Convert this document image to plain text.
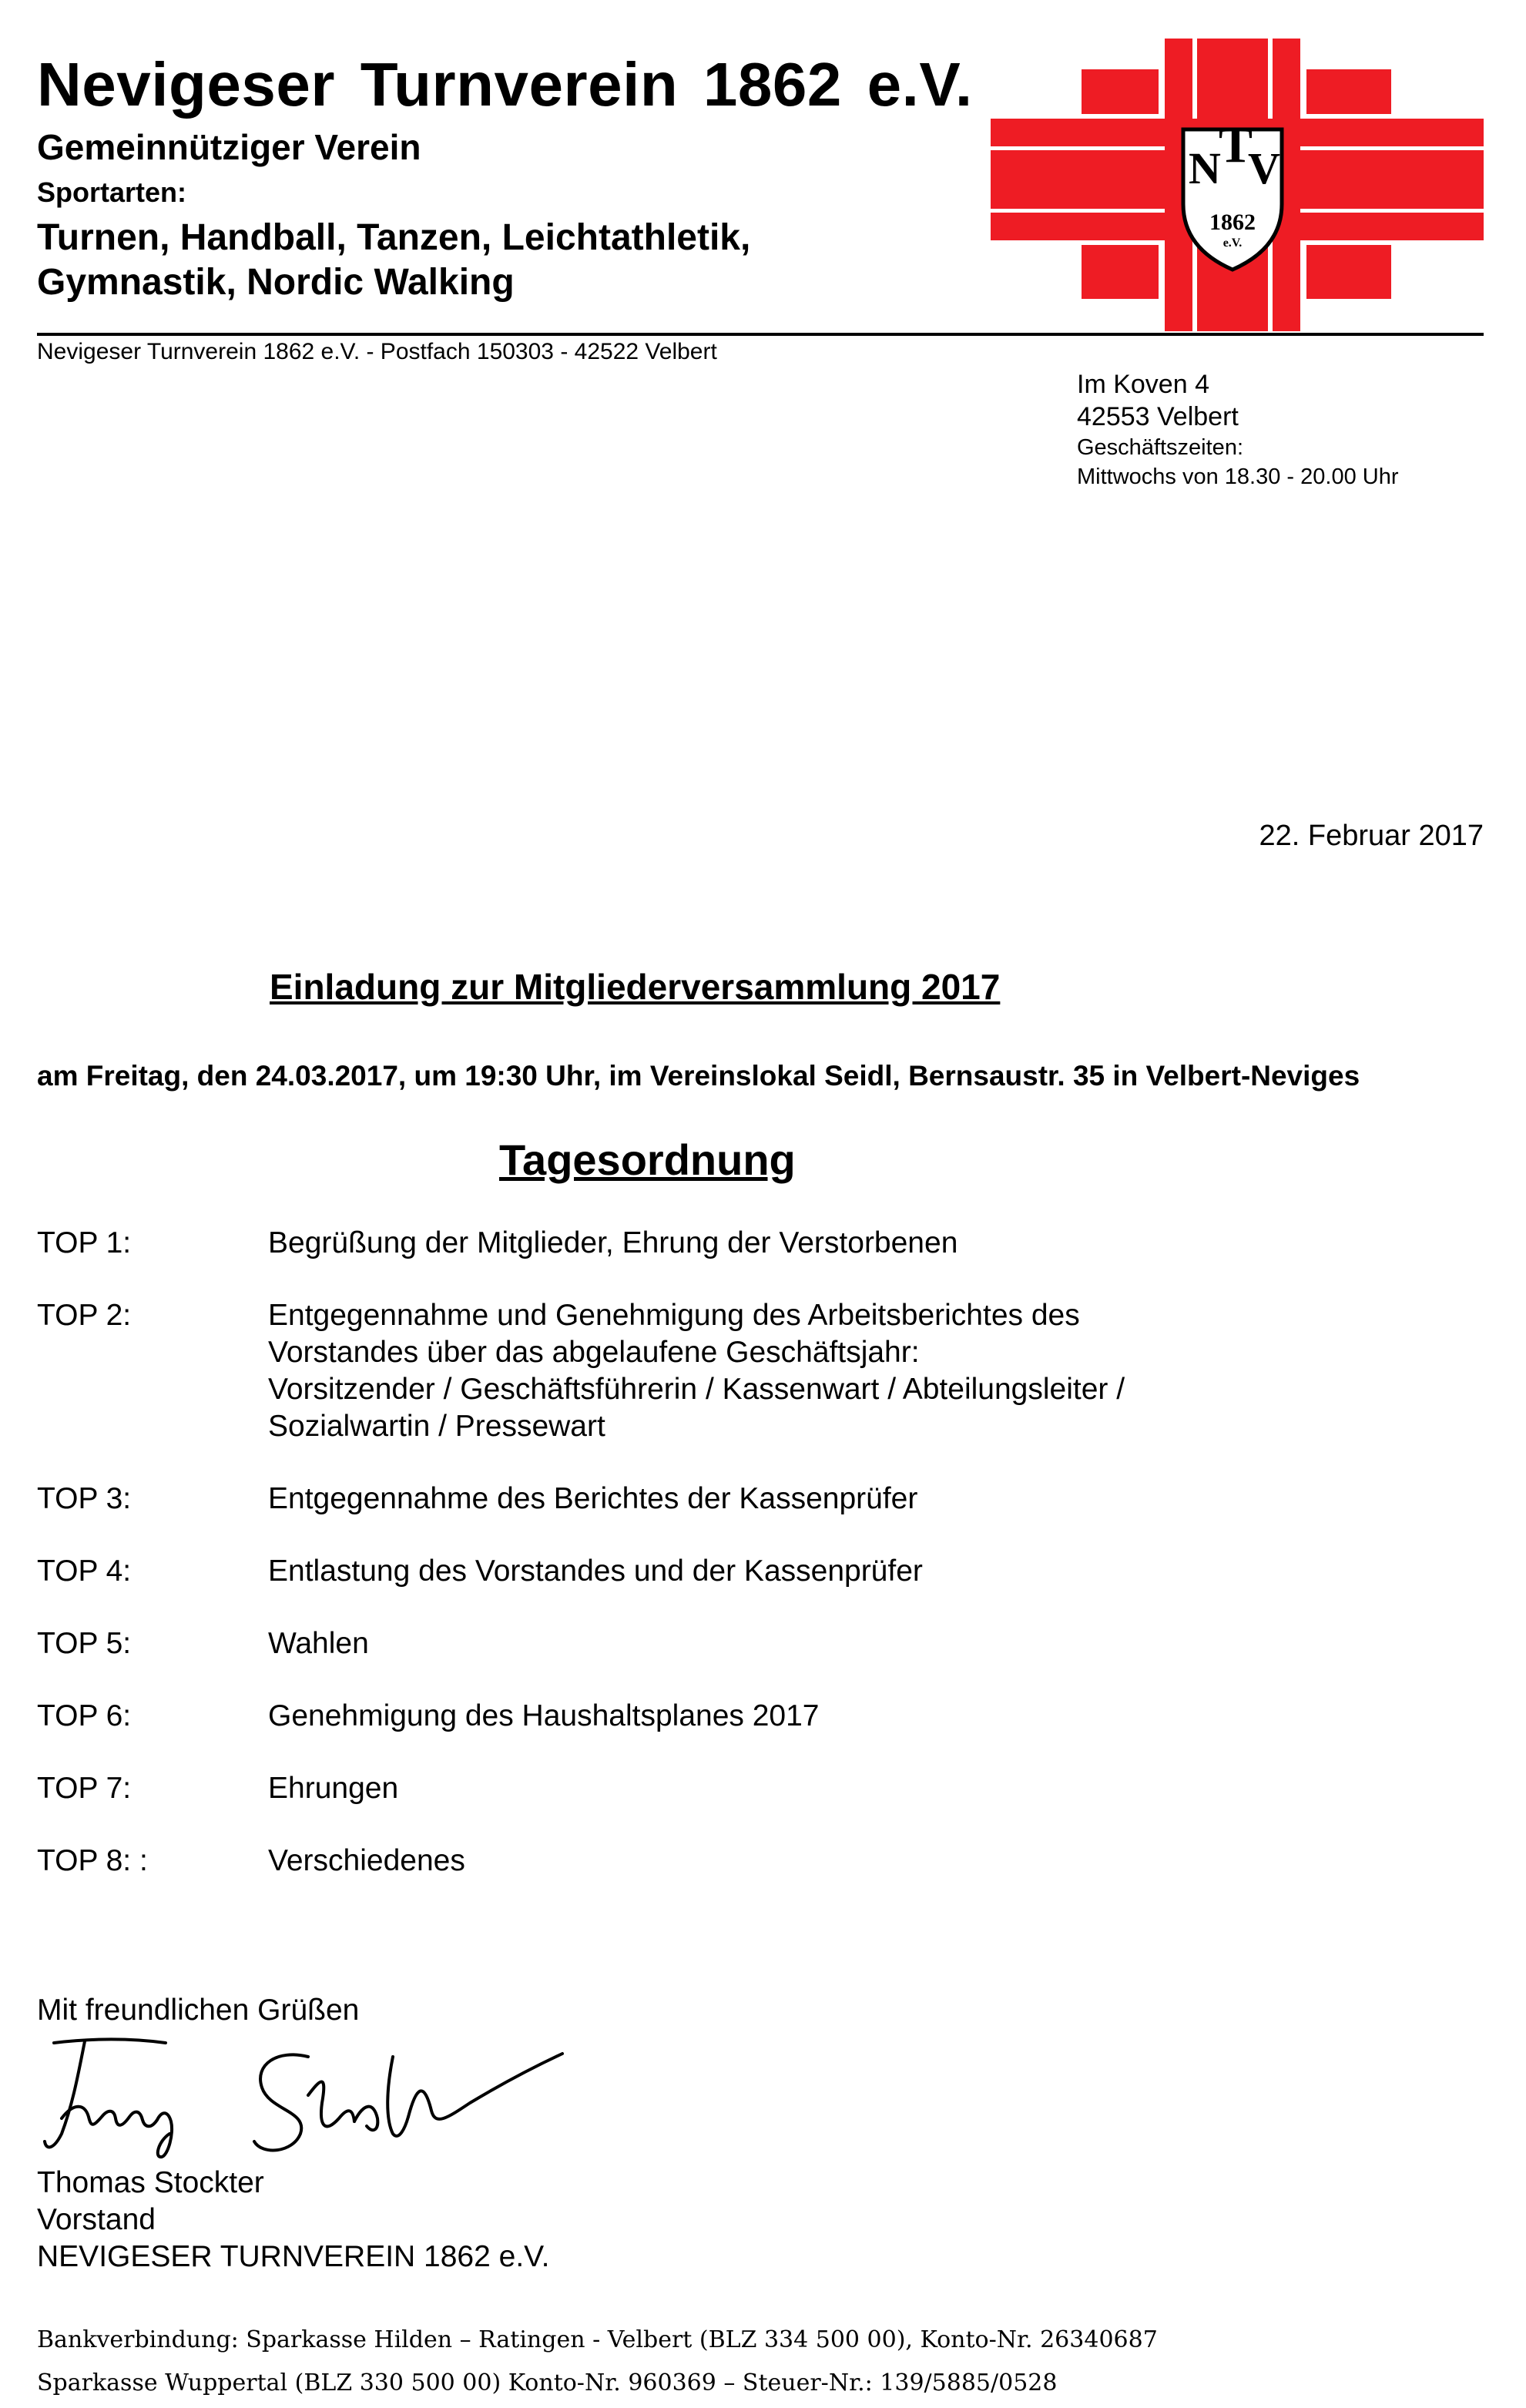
Nevigeser Turnverein 1862 e.V.
Gemeinnütziger Verein
Sportarten:
Turnen, Handball, Tanzen, Leichtathletik,
Gymnastik, Nordic Walking
N
T
V
1862
e.V.
Nevigeser Turnverein 1862 e.V. - Postfach 150303 - 42522 Velbert
Im Koven 4
42553 Velbert
Geschäftszeiten:
Mittwochs von 18.30 - 20.00 Uhr
22. Februar 2017
Einladung zur Mitgliederversammlung 2017
am Freitag, den 24.03.2017, um 19:30 Uhr, im Vereinslokal Seidl, Bernsaustr. 35 in Velbert-Neviges
Tagesordnung
TOP 1:	Begrüßung der Mitglieder, Ehrung der Verstorbenen
TOP 2:	Entgegennahme und Genehmigung des Arbeitsberichtes des
Vorstandes über das abgelaufene Geschäftsjahr:
Vorsitzender / Geschäftsführerin / Kassenwart / Abteilungsleiter /
Sozialwartin / Pressewart
TOP 3:	Entgegennahme des Berichtes der Kassenprüfer
TOP 4:	Entlastung des Vorstandes und der Kassenprüfer
TOP 5:	Wahlen
TOP 6:	Genehmigung des Haushaltsplanes 2017
TOP 7:	Ehrungen
TOP 8: :	Verschiedenes
Mit freundlichen Grüßen
Thomas Stockter
Vorstand
NEVIGESER TURNVEREIN 1862 e.V.
Bankverbindung: Sparkasse Hilden – Ratingen - Velbert (BLZ 334 500 00), Konto-Nr. 26340687
Sparkasse Wuppertal (BLZ 330 500 00) Konto-Nr. 960369 – Steuer-Nr.: 139/5885/0528
